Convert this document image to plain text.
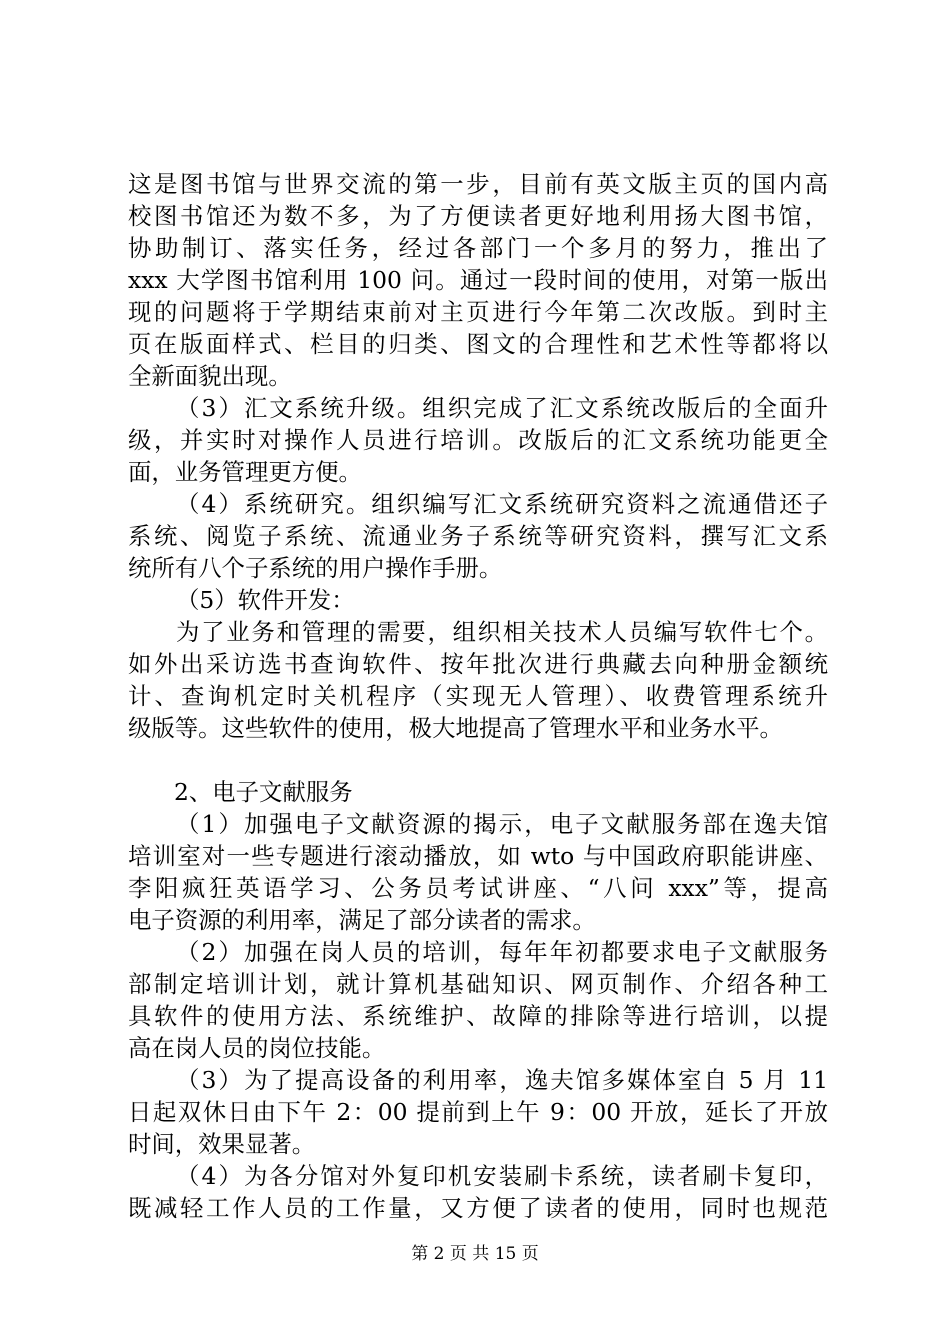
这是图书馆与世界交流的第一步，目前有英文版主页的国内高
校图书馆还为数不多，为了方便读者更好地利用扬大图书馆，
协助制订、落实任务，经过各部门一个多月的努力，推出了
xxx 大学图书馆利用 100 问。通过一段时间的使用，对第一版出
现的问题将于学期结束前对主页进行今年第二次改版。到时主
页在版面样式、栏目的归类、图文的合理性和艺术性等都将以
全新面貌出现。
（3）汇文系统升级。组织完成了汇文系统改版后的全面升
级，并实时对操作人员进行培训。改版后的汇文系统功能更全
面，业务管理更方便。
（4）系统研究。组织编写汇文系统研究资料之流通借还子
系统、阅览子系统、流通业务子系统等研究资料，撰写汇文系
统所有八个子系统的用户操作手册。
（5）软件开发：
为了业务和管理的需要，组织相关技术人员编写软件七个。
如外出采访选书查询软件、按年批次进行典藏去向种册金额统
计、查询机定时关机程序（实现无人管理）、收费管理系统升
级版等。这些软件的使用，极大地提高了管理水平和业务水平。
2、电子文献服务
（1）加强电子文献资源的揭示，电子文献服务部在逸夫馆
培训室对一些专题进行滚动播放，如 wto 与中国政府职能讲座、
李阳疯狂英语学习、公务员考试讲座、“八问 xxx”等，提高
电子资源的利用率，满足了部分读者的需求。
（2）加强在岗人员的培训，每年年初都要求电子文献服务
部制定培训计划，就计算机基础知识、网页制作、介绍各种工
具软件的使用方法、系统维护、故障的排除等进行培训，以提
高在岗人员的岗位技能。
（3）为了提高设备的利用率，逸夫馆多媒体室自 5 月 11
日起双休日由下午 2：00 提前到上午 9：00 开放，延长了开放
时间，效果显著。
（4）为各分馆对外复印机安装刷卡系统，读者刷卡复印，
既减轻工作人员的工作量，又方便了读者的使用，同时也规范
第 2 页 共 15 页
